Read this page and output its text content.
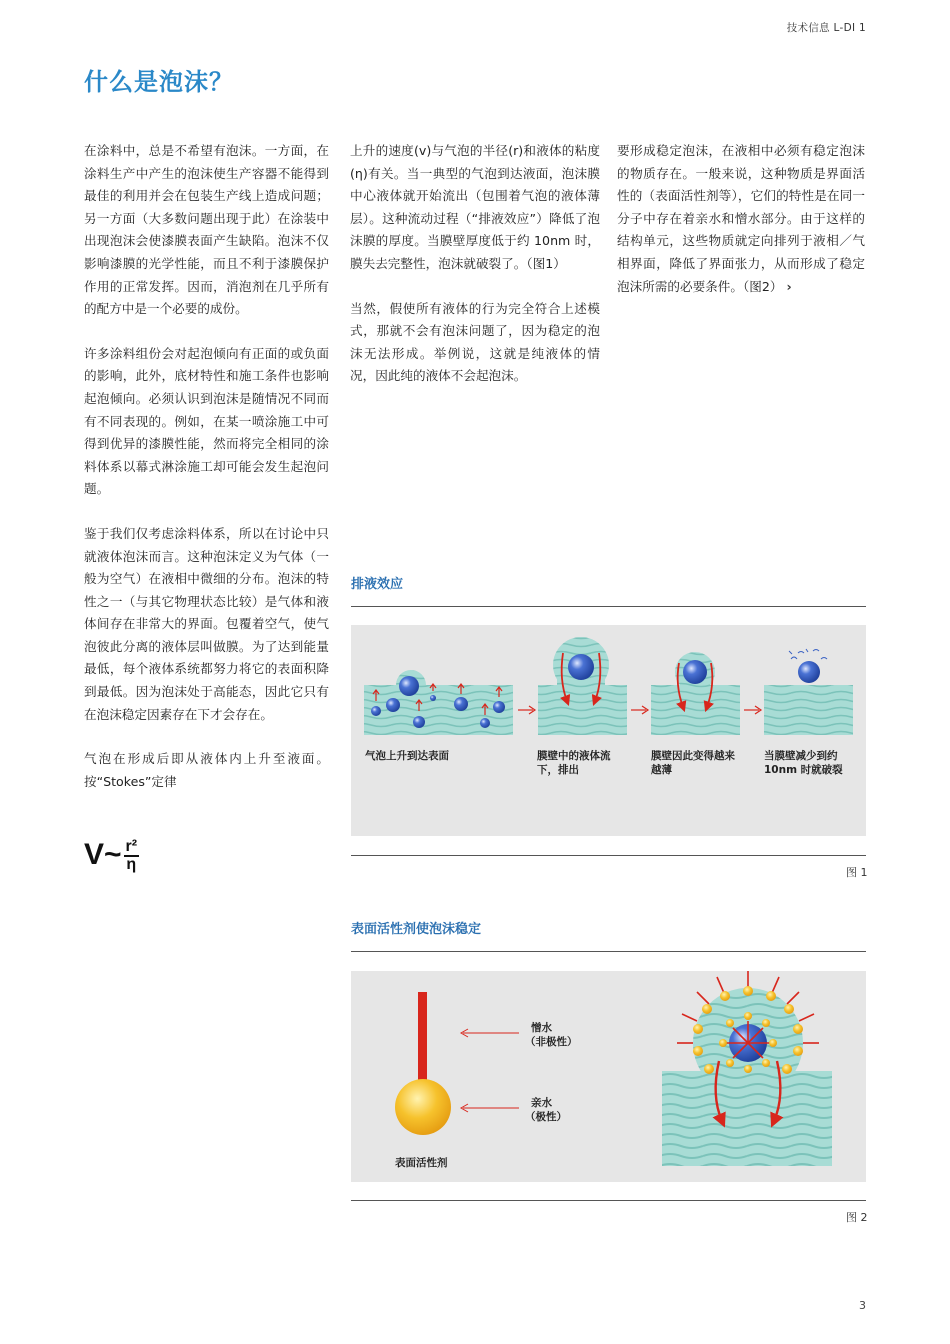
技术信息 L-DI 1
什么是泡沫？

在涂料中，总是不希望有泡沫。一方面，在涂料生产中产生的泡沫使生产容器不能得到最佳的利用并会在包装生产线上造成问题；另一方面（大多数问题出现于此）在涂装中出现泡沫会使漆膜表面产生缺陷。泡沫不仅影响漆膜的光学性能，而且不利于漆膜保护作用的正常发挥。因而，消泡剂在几乎所有的配方中是一个必要的成份。

许多涂料组份会对起泡倾向有正面的或负面的影响，此外，底材特性和施工条件也影响起泡倾向。必须认识到泡沫是随情况不同而有不同表现的。例如，在某一喷涂施工中可得到优异的漆膜性能，然而将完全相同的涂料体系以幕式淋涂施工却可能会发生起泡问题。

鉴于我们仅考虑涂料体系，所以在讨论中只就液体泡沫而言。这种泡沫定义为气体（一般为空气）在液相中微细的分布。泡沫的特性之一（与其它物理状态比较）是气体和液体间存在非常大的界面。包覆着空气，使气泡彼此分离的液体层叫做膜。为了达到能量最低，每个液体系统都努力将它的表面积降到最低。因为泡沫处于高能态，因此它只有在泡沫稳定因素存在下才会存在。

气泡在形成后即从液体内上升至液面。按“Stokes”定律

V~ $\frac{\text{r²}}{\eta}$

上升的速度(v)与气泡的半径(r)和液体的粘度(η)有关。当一典型的气泡到达液面，泡沫膜中心液体就开始流出（包围着气泡的液体薄层）。这种流动过程（“排液效应”）降低了泡沫膜的厚度。当膜壁厚度低于约 10nm 时，膜失去完整性，泡沫就破裂了。（图1）

当然，假使所有液体的行为完全符合上述模式，那就不会有泡沫问题了，因为稳定的泡沫无法形成。举例说，这就是纯液体的情况，因此纯的液体不会起泡沫。

要形成稳定泡沫，在液相中必须有稳定泡沫的物质存在。一般来说，这种物质是界面活性的（表面活性剂等），它们的特性是在同一分子中存在着亲水和憎水部分。由于这样的结构单元，这些物质就定向排列于液相／气相界面，降低了界面张力，从而形成了稳定泡沫所需的必要条件。（图2） ›

排液效应
气泡上升到达表面	膜壁中的液体流下，排出
膜壁因此变得越来越薄
当膜壁减少到约10nm 时就破裂
图 1
表面活性剂使泡沫稳定
憎水
（非极性）
亲水
（极性）
表面活性剂
图 2
3
